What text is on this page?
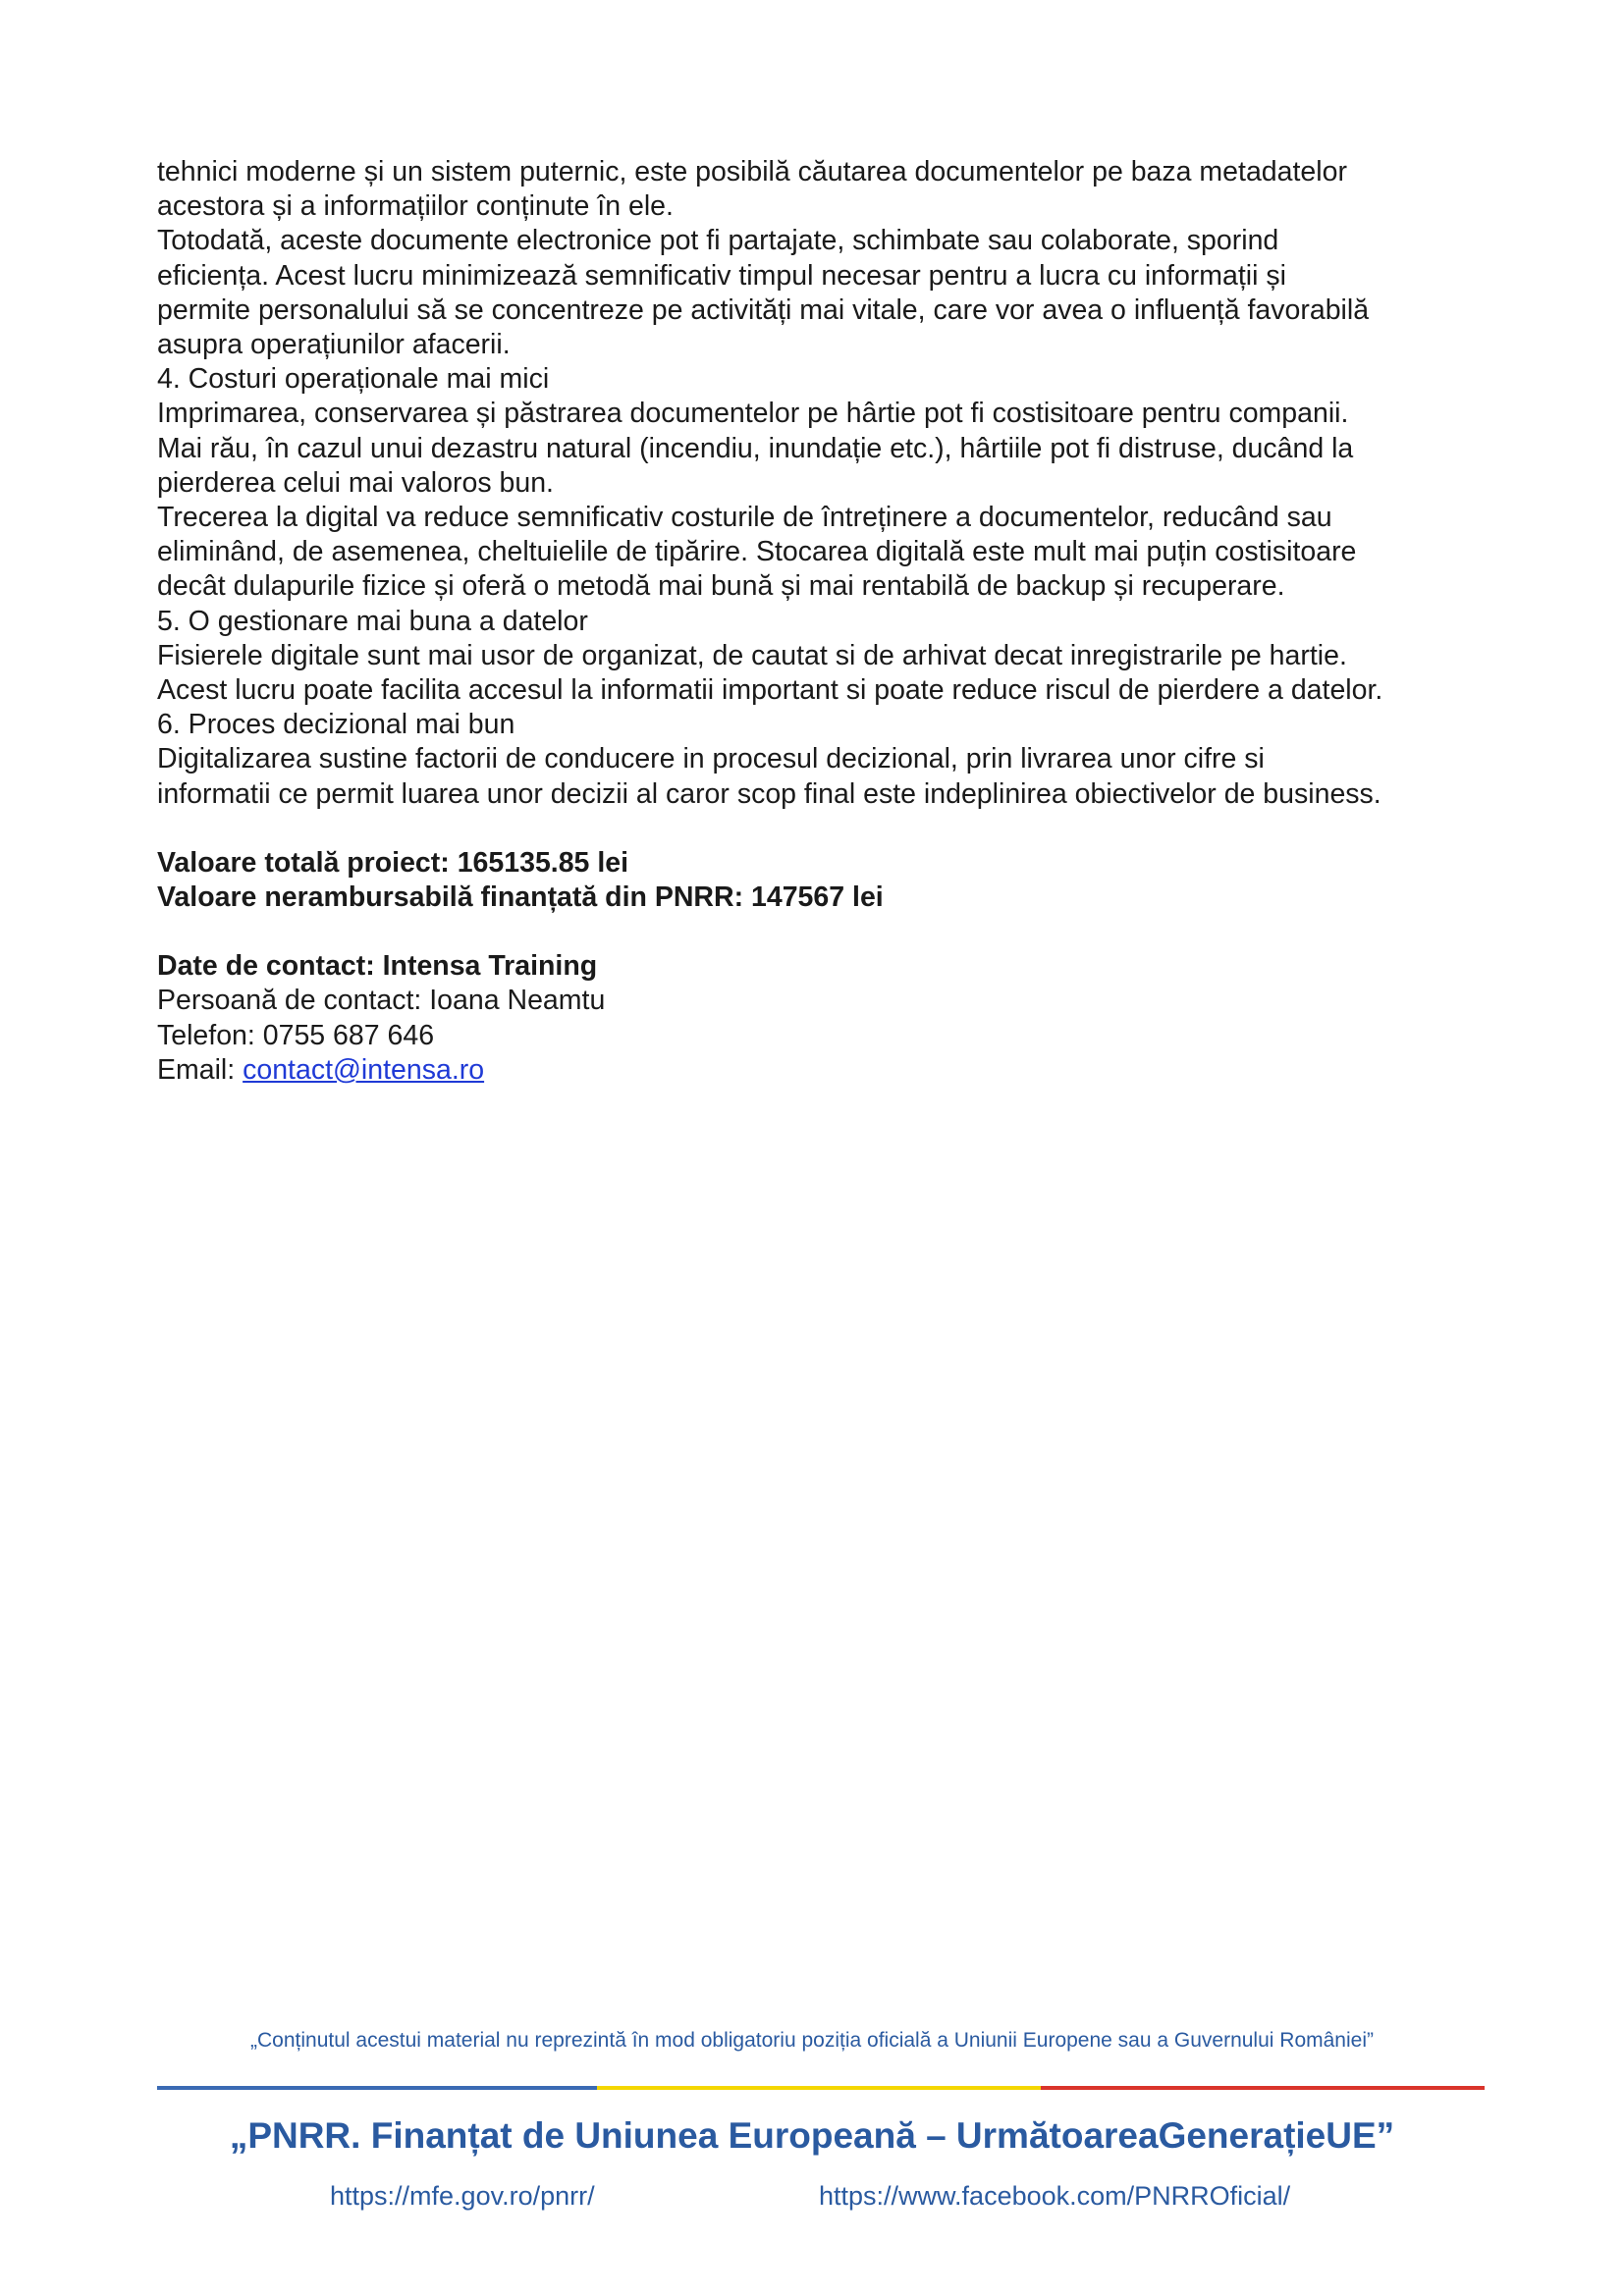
tehnici moderne și un sistem puternic, este posibilă căutarea documentelor pe baza metadatelor

acestora și a informațiilor conținute în ele.

Totodată, aceste documente electronice pot fi partajate, schimbate sau colaborate, sporind

eficiența. Acest lucru minimizează semnificativ timpul necesar pentru a lucra cu informații și

permite personalului să se concentreze pe activități mai vitale, care vor avea o influență favorabilă

asupra operațiunilor afacerii.

4. Costuri operaționale mai mici

Imprimarea, conservarea și păstrarea documentelor pe hârtie pot fi costisitoare pentru companii.

Mai rău, în cazul unui dezastru natural (incendiu, inundație etc.), hârtiile pot fi distruse, ducând la

pierderea celui mai valoros bun.

Trecerea la digital va reduce semnificativ costurile de întreținere a documentelor, reducând sau

eliminând, de asemenea, cheltuielile de tipărire. Stocarea digitală este mult mai puțin costisitoare

decât dulapurile fizice și oferă o metodă mai bună și mai rentabilă de backup și recuperare.

5. O gestionare mai buna a datelor

Fisierele digitale sunt mai usor de organizat, de cautat si de arhivat decat inregistrarile pe hartie.

Acest lucru poate facilita accesul la informatii important si poate reduce riscul de pierdere a datelor.

6. Proces decizional mai bun

Digitalizarea sustine factorii de conducere in procesul decizional, prin livrarea unor cifre si

informatii ce permit luarea unor decizii al caror scop final este indeplinirea obiectivelor de business.

Valoare totală proiect: 165135.85 lei

Valoare nerambursabilă finanțată din PNRR: 147567 lei

Date de contact: Intensa Training

Persoană de contact: Ioana Neamtu

Telefon: 0755 687 646

Email: contact@intensa.ro

„Conținutul acestui material nu reprezintă în mod obligatoriu poziția oficială a Uniunii Europene sau a Guvernului României”
„PNRR. Finanțat de Uniunea Europeană – UrmătoareaGenerațieUE”
https://mfe.gov.ro/pnrr/	https://www.facebook.com/PNRROficial/
